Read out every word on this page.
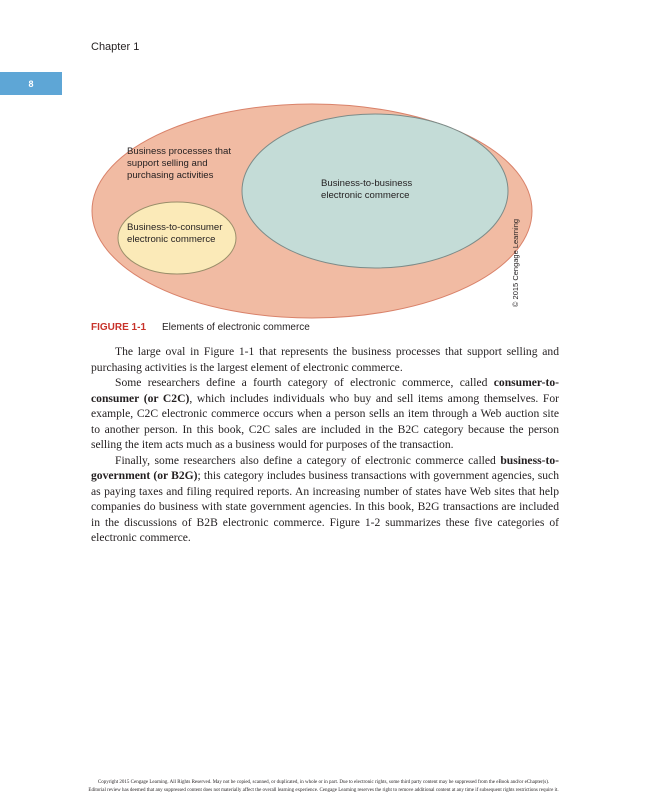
Chapter 1
8
Business processes that support selling and purchasing activities
Business-to-business electronic commerce
Business-to-consumer electronic commerce	© 2015 Cengage Learning
FIGURE 1-1 Elements of electronic commerce

The large oval in Figure 1-1 that represents the business processes that support selling and purchasing activities is the largest element of electronic commerce.

Some researchers define a fourth category of electronic commerce, called consumer-to-consumer (or C2C), which includes individuals who buy and sell items among themselves. For example, C2C electronic commerce occurs when a person sells an item through a Web auction site to another person. In this book, C2C sales are included in the B2C category because the person selling the item acts much as a business would for purposes of the transaction.

Finally, some researchers also define a category of electronic commerce called business-to-government (or B2G); this category includes business transactions with government agencies, such as paying taxes and filing required reports. An increasing number of states have Web sites that help companies do business with state government agencies. In this book, B2G transactions are included in the discussions of B2B electronic commerce. Figure 1-2 summarizes these five categories of electronic commerce.

Copyright 2015 Cengage Learning. All Rights Reserved. May not be copied, scanned, or duplicated, in whole or in part. Due to electronic rights, some third party content may be suppressed from the eBook and/or eChapter(s).
Editorial review has deemed that any suppressed content does not materially affect the overall learning experience. Cengage Learning reserves the right to remove additional content at any time if subsequent rights restrictions require it.
